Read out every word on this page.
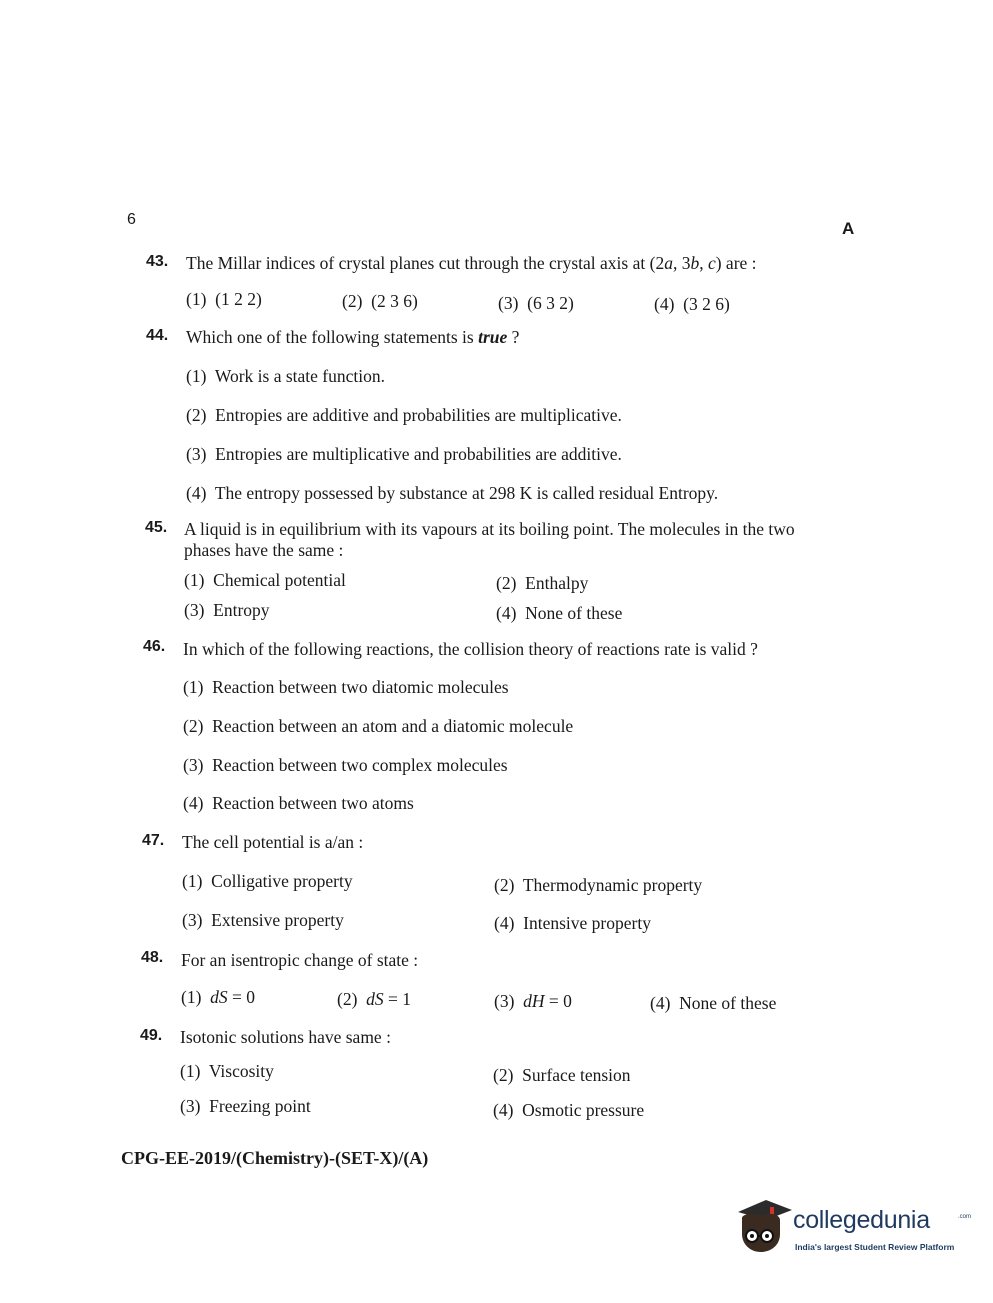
6	A
43. The Millar indices of crystal planes cut through the crystal axis at (2a, 3b, c) are :
(1) (1 2 2)	(2) (2 3 6)	(3) (6 3 2)	(4) (3 2 6)
44. Which one of the following statements is true ?
(1) Work is a state function.
(2) Entropies are additive and probabilities are multiplicative.
(3) Entropies are multiplicative and probabilities are additive.
(4) The entropy possessed by substance at 298 K is called residual Entropy.
45. A liquid is in equilibrium with its vapours at its boiling point. The molecules in the two
phases have the same :
(1) Chemical potential	(2) Enthalpy
(3) Entropy	(4) None of these
46. In which of the following reactions, the collision theory of reactions rate is valid ?
(1) Reaction between two diatomic molecules
(2) Reaction between an atom and a diatomic molecule
(3) Reaction between two complex molecules
(4) Reaction between two atoms
47. The cell potential is a/an :
(1) Colligative property	(2) Thermodynamic property
(3) Extensive property	(4) Intensive property
48. For an isentropic change of state :
(1) dS = 0	(2) dS = 1	(3) dH = 0	(4) None of these
49. Isotonic solutions have same :
(1) Viscosity	(2) Surface tension
(3) Freezing point	(4) Osmotic pressure
CPG-EE-2019/(Chemistry)-(SET-X)/(A)
collegedunia	.com
India's largest Student Review Platform
